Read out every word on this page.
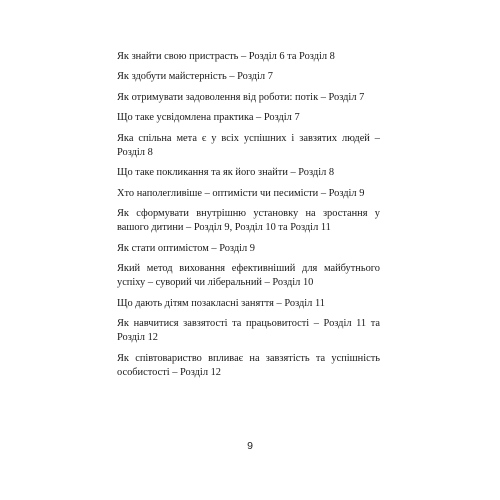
Як знайти свою пристрасть – Розділ 6 та Розділ 8
Як здобути майстерність – Розділ 7
Як отримувати задоволення від роботи: потік – Розділ 7
Що таке усвідомлена практика – Розділ 7
Яка спільна мета є у всіх успішних і завзятих людей – Розділ 8
Що таке покликання та як його знайти – Розділ 8
Хто наполегливіше – оптимісти чи песимісти – Розділ 9
Як сформувати внутрішню установку на зростання у вашого дитини – Розділ 9, Розділ 10 та Розділ 11
Як стати оптимістом – Розділ 9
Який метод виховання ефективніший для майбутнього успіху – суворий чи ліберальний – Розділ 10
Що дають дітям позакласні заняття – Розділ 11
Як навчитися завзятості та працьовитості – Розділ 11 та Розділ 12
Як співтовариство впливає на завзятість та успішність особистості – Розділ 12
9
